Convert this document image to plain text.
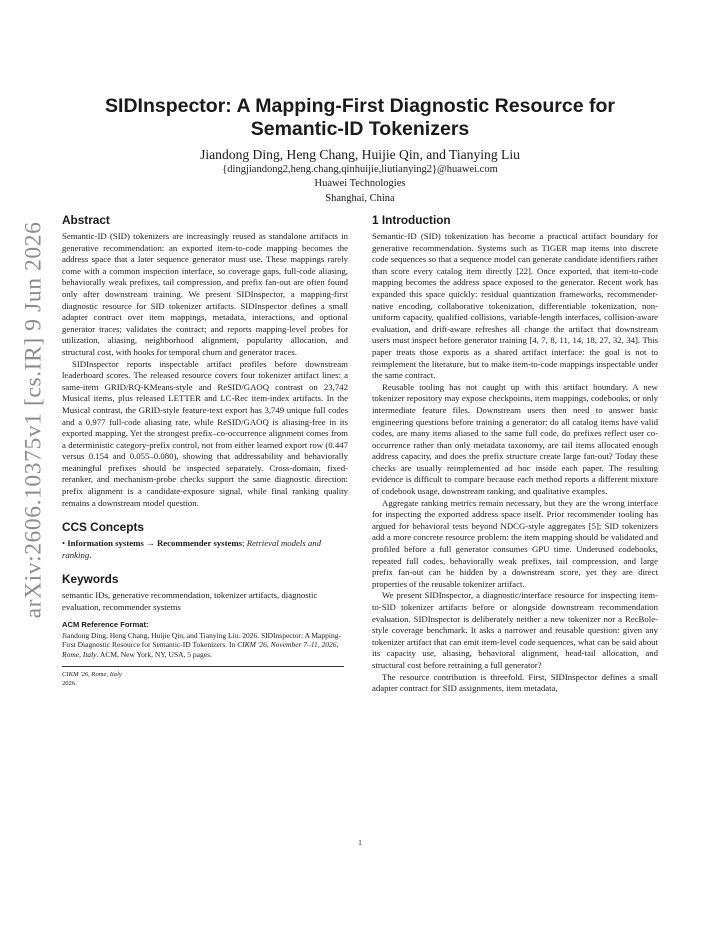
arXiv:2606.10375v1 [cs.IR] 9 Jun 2026
SIDInspector: A Mapping-First Diagnostic Resource for Semantic-ID Tokenizers
Jiandong Ding, Heng Chang, Huijie Qin, and Tianying Liu
{dingjiandong2,heng.chang,qinhuijie,liutianying2}@huawei.com
Huawei Technologies
Shanghai, China
Abstract

Semantic-ID (SID) tokenizers are increasingly reused as standalone artifacts in generative recommendation: an exported item-to-code mapping becomes the address space that a later sequence generator must use. These mappings rarely come with a common inspection interface, so coverage gaps, full-code aliasing, behaviorally weak prefixes, tail compression, and prefix fan-out are often found only after downstream training. We present SIDInspector, a mapping-first diagnostic resource for SID tokenizer artifacts. SIDInspector defines a small adapter contract over item mappings, metadata, interactions, and optional generator traces; validates the contract; and reports mapping-level probes for utilization, aliasing, neighborhood alignment, popularity allocation, and structural cost, with hooks for temporal churn and generator traces.

SIDInspector reports inspectable artifact profiles before downstream leaderboard scores. The released resource covers four tokenizer artifact lines: a same-item GRID/RQ-KMeans-style and ReSID/GAOQ contrast on 23,742 Musical items, plus released LETTER and LC-Rec item-index artifacts. In the Musical contrast, the GRID-style feature-text export has 3,749 unique full codes and a 0.977 full-code aliasing rate, while ReSID/GAOQ is aliasing-free in its exported mapping. Yet the strongest prefix–co-occurrence alignment comes from a deterministic category-prefix control, not from either learned export row (0.447 versus 0.154 and 0.055–0.080), showing that addressability and behaviorally meaningful prefixes should be inspected separately. Cross-domain, fixed-reranker, and mechanism-probe checks support the same diagnostic direction: prefix alignment is a candidate-exposure signal, while final ranking quality remains a downstream model question.

CCS Concepts

• Information systems → Recommender systems; Retrieval models and ranking.

Keywords

semantic IDs, generative recommendation, tokenizer artifacts, diagnostic evaluation, recommender systems

ACM Reference Format:

Jiandong Ding, Heng Chang, Huijie Qin, and Tianying Liu. 2026. SIDInspector: A Mapping-First Diagnostic Resource for Semantic-ID Tokenizers. In CIKM '26, November 7–11, 2026, Rome, Italy. ACM, New York, NY, USA, 5 pages.

CIKM '26, Rome, Italy

2026.

1 Introduction

Semantic-ID (SID) tokenization has become a practical artifact boundary for generative recommendation. Systems such as TIGER map items into discrete code sequences so that a sequence model can generate candidate identifiers rather than score every catalog item directly [22]. Once exported, that item-to-code mapping becomes the address space exposed to the generator. Recent work has expanded this space quickly: residual quantization frameworks, recommender-native encoding, collaborative tokenization, differentiable tokenization, non-uniform capacity, qualified collisions, variable-length interfaces, collision-aware evaluation, and drift-aware refreshes all change the artifact that downstream users must inspect before generator training [4, 7, 8, 11, 14, 18, 27, 32, 34]. This paper treats those exports as a shared artifact interface: the goal is not to reimplement the literature, but to make item-to-code mappings inspectable under the same contract.

Reusable tooling has not caught up with this artifact boundary. A new tokenizer repository may expose checkpoints, item mappings, codebooks, or only intermediate feature files. Downstream users then need to answer basic engineering questions before training a generator: do all catalog items have valid codes, are many items aliased to the same full code, do prefixes reflect user co-occurrence rather than only metadata taxonomy, are tail items allocated enough address capacity, and does the prefix structure create large fan-out? Today these checks are usually reimplemented ad hoc inside each paper. The resulting evidence is difficult to compare because each method reports a different mixture of codebook usage, downstream ranking, and qualitative examples.

Aggregate ranking metrics remain necessary, but they are the wrong interface for inspecting the exported address space itself. Prior recommender tooling has argued for behavioral tests beyond NDCG-style aggregates [5]; SID tokenizers add a more concrete resource problem: the item mapping should be validated and profiled before a full generator consumes GPU time. Underused codebooks, repeated full codes, behaviorally weak prefixes, tail compression, and large prefix fan-out can be hidden by a downstream score, yet they are direct properties of the reusable tokenizer artifact.

We present SIDInspector, a diagnostic/interface resource for inspecting item-to-SID tokenizer artifacts before or alongside downstream recommendation evaluation. SIDInspector is deliberately neither a new tokenizer nor a RecBole-style coverage benchmark. It asks a narrower and reusable question: given any tokenizer artifact that can emit item-level code sequences, what can be said about its capacity use, aliasing, behavioral alignment, head-tail allocation, and structural cost before retraining a full generator?

The resource contribution is threefold. First, SIDInspector defines a small adapter contract for SID assignments, item metadata,

1
